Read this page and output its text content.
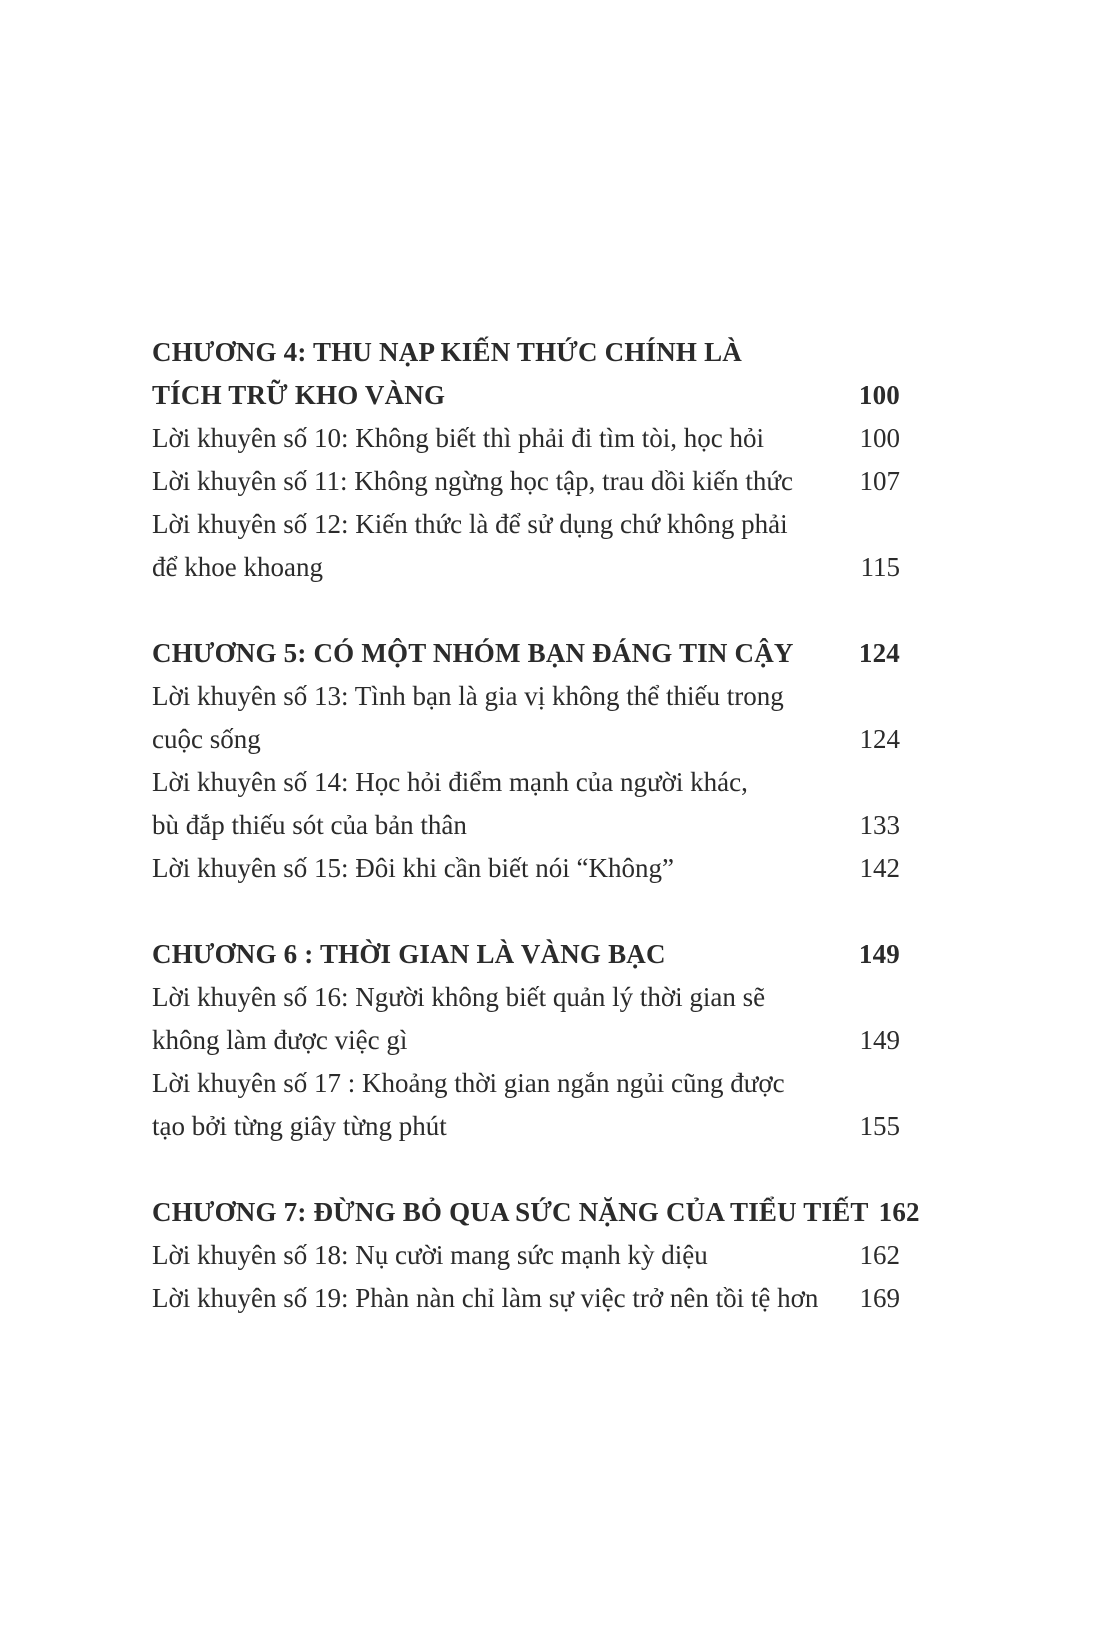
CHƯƠNG 4: THU NẠP KIẾN THỨC CHÍNH LÀ
TÍCH TRỮ KHO VÀNG	100
Lời khuyên số 10: Không biết thì phải đi tìm tòi, học hỏi	100
Lời khuyên số 11: Không ngừng học tập, trau dồi kiến thức	107
Lời khuyên số 12: Kiến thức là để sử dụng chứ không phải
để khoe khoang	115
CHƯƠNG 5: CÓ MỘT NHÓM BẠN ĐÁNG TIN CẬY	124
Lời khuyên số 13: Tình bạn là gia vị không thể thiếu trong
cuộc sống	124
Lời khuyên số 14: Học hỏi điểm mạnh của người khác,
bù đắp thiếu sót của bản thân	133
Lời khuyên số 15: Đôi khi cần biết nói “Không”	142
CHƯƠNG 6 : THỜI GIAN LÀ VÀNG BẠC	149
Lời khuyên số 16: Người không biết quản lý thời gian sẽ
không làm được việc gì	149
Lời khuyên số 17 : Khoảng thời gian ngắn ngủi cũng được
tạo bởi từng giây từng phút	155
CHƯƠNG 7: ĐỪNG BỎ QUA SỨC NẶNG CỦA TIỂU TIẾT 162
Lời khuyên số 18: Nụ cười mang sức mạnh kỳ diệu	162
Lời khuyên số 19: Phàn nàn chỉ làm sự việc trở nên tồi tệ hơn	169
